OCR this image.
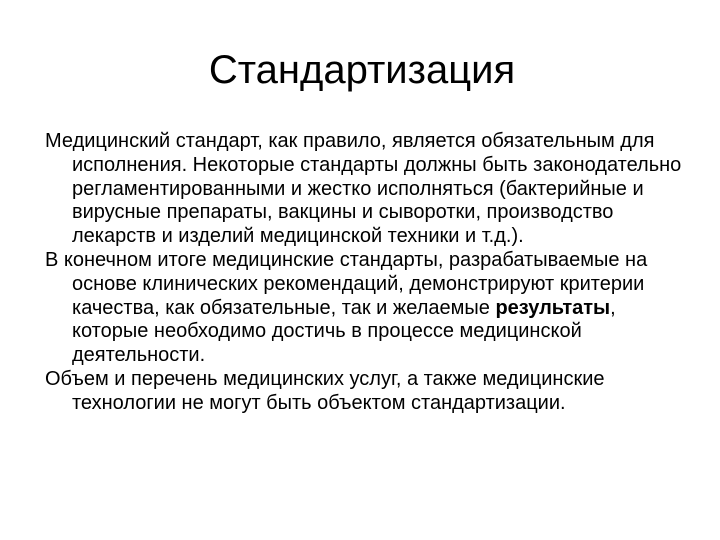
Стандартизация

Медицинский стандарт, как правило, является обязательным для исполнения. Некоторые стандарты должны быть законодательно регламентированными и жестко исполняться (бактерийные и вирусные препараты, вакцины и сыворотки, производство лекарств и изделий медицинской техники и т.д.).

В конечном итоге медицинские стандарты, разрабатываемые на основе клинических рекомендаций, демонстрируют критерии качества, как обязательные, так и желаемые результаты, которые необходимо достичь в процессе медицинской деятельности.

Объем и перечень медицинских услуг, а также медицинские технологии не могут быть объектом стандартизации.
